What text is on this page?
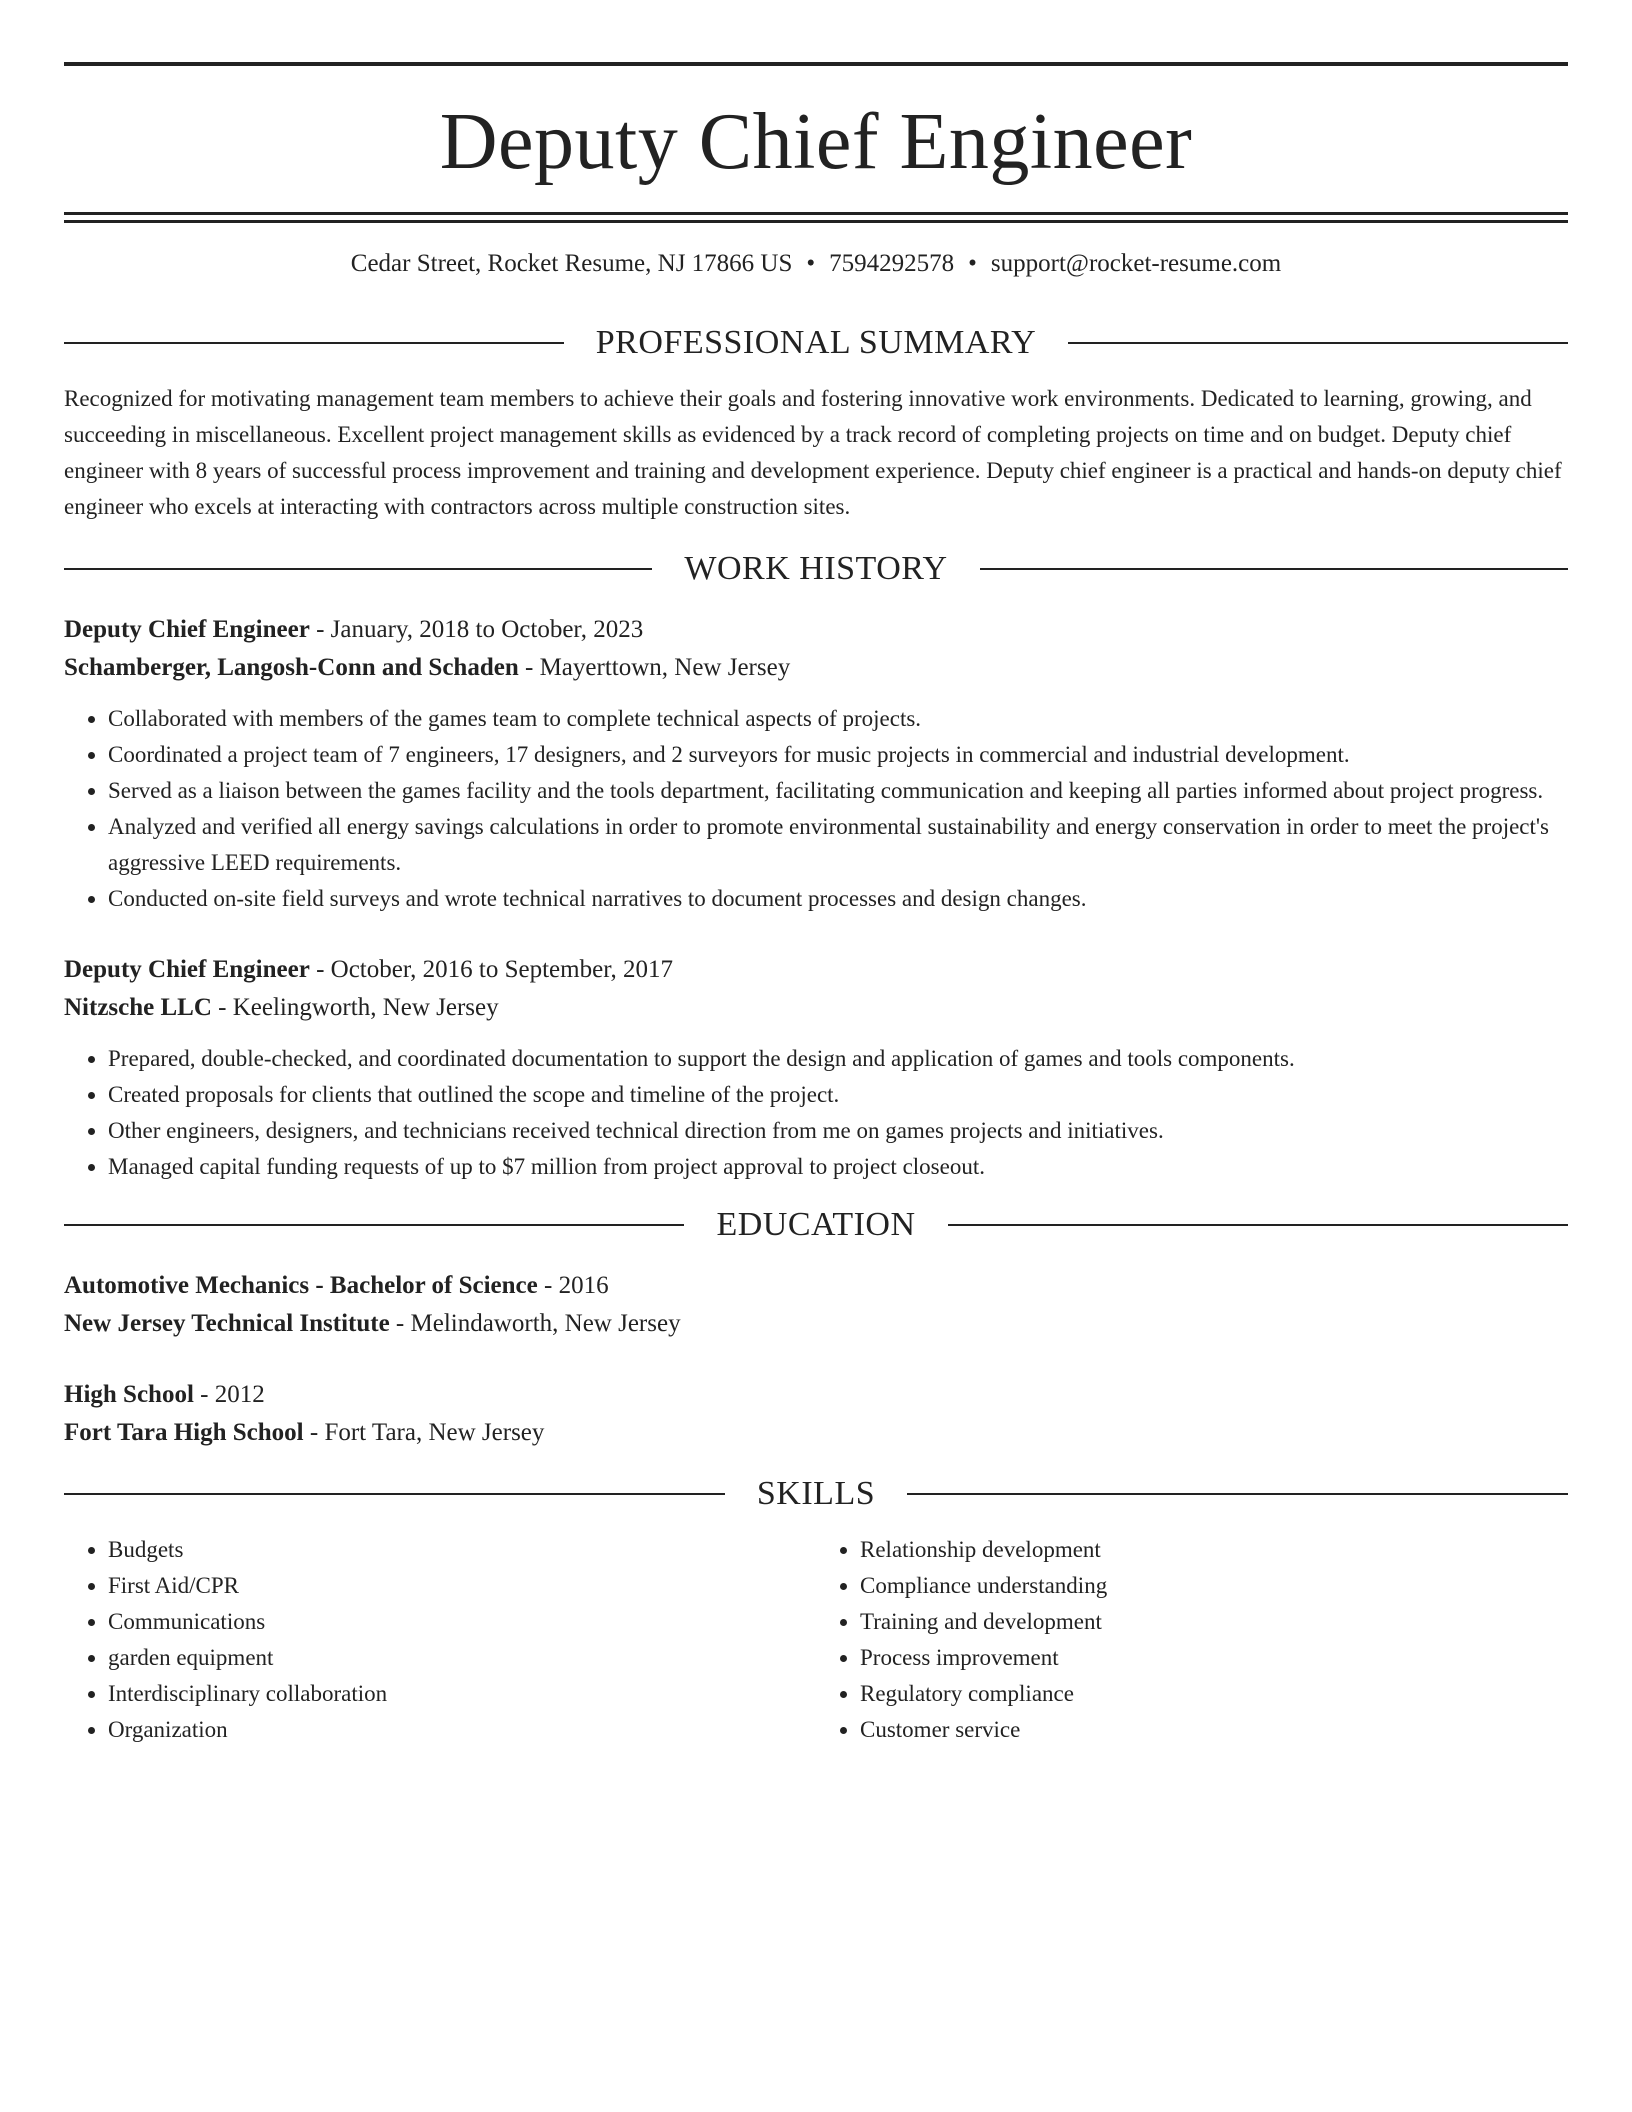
Deputy Chief Engineer
Cedar Street, Rocket Resume, NJ 17866 US • 7594292578 • support@rocket-resume.com
PROFESSIONAL SUMMARY

Recognized for motivating management team members to achieve their goals and fostering innovative work environments. Dedicated to learning, growing, and succeeding in miscellaneous. Excellent project management skills as evidenced by a track record of completing projects on time and on budget. Deputy chief engineer with 8 years of successful process improvement and training and development experience. Deputy chief engineer is a practical and hands-on deputy chief engineer who excels at interacting with contractors across multiple construction sites.

WORK HISTORY
Deputy Chief Engineer - January, 2018 to October, 2023
Schamberger, Langosh-Conn and Schaden - Mayerttown, New Jersey
• Collaborated with members of the games team to complete technical aspects of projects.
• Coordinated a project team of 7 engineers, 17 designers, and 2 surveyors for music projects in commercial and industrial development.
• Served as a liaison between the games facility and the tools department, facilitating communication and keeping all parties informed about project progress.
• Analyzed and verified all energy savings calculations in order to promote environmental sustainability and energy conservation in order to meet the project's aggressive LEED requirements.
• Conducted on-site field surveys and wrote technical narratives to document processes and design changes.
Deputy Chief Engineer - October, 2016 to September, 2017
Nitzsche LLC - Keelingworth, New Jersey
• Prepared, double-checked, and coordinated documentation to support the design and application of games and tools components.
• Created proposals for clients that outlined the scope and timeline of the project.
• Other engineers, designers, and technicians received technical direction from me on games projects and initiatives.
• Managed capital funding requests of up to $7 million from project approval to project closeout.
EDUCATION
Automotive Mechanics - Bachelor of Science - 2016
New Jersey Technical Institute - Melindaworth, New Jersey
High School - 2012
Fort Tara High School - Fort Tara, New Jersey
SKILLS
• Budgets
• First Aid/CPR
• Communications
• garden equipment
• Interdisciplinary collaboration
• Organization
• Relationship development
• Compliance understanding
• Training and development
• Process improvement
• Regulatory compliance
• Customer service
